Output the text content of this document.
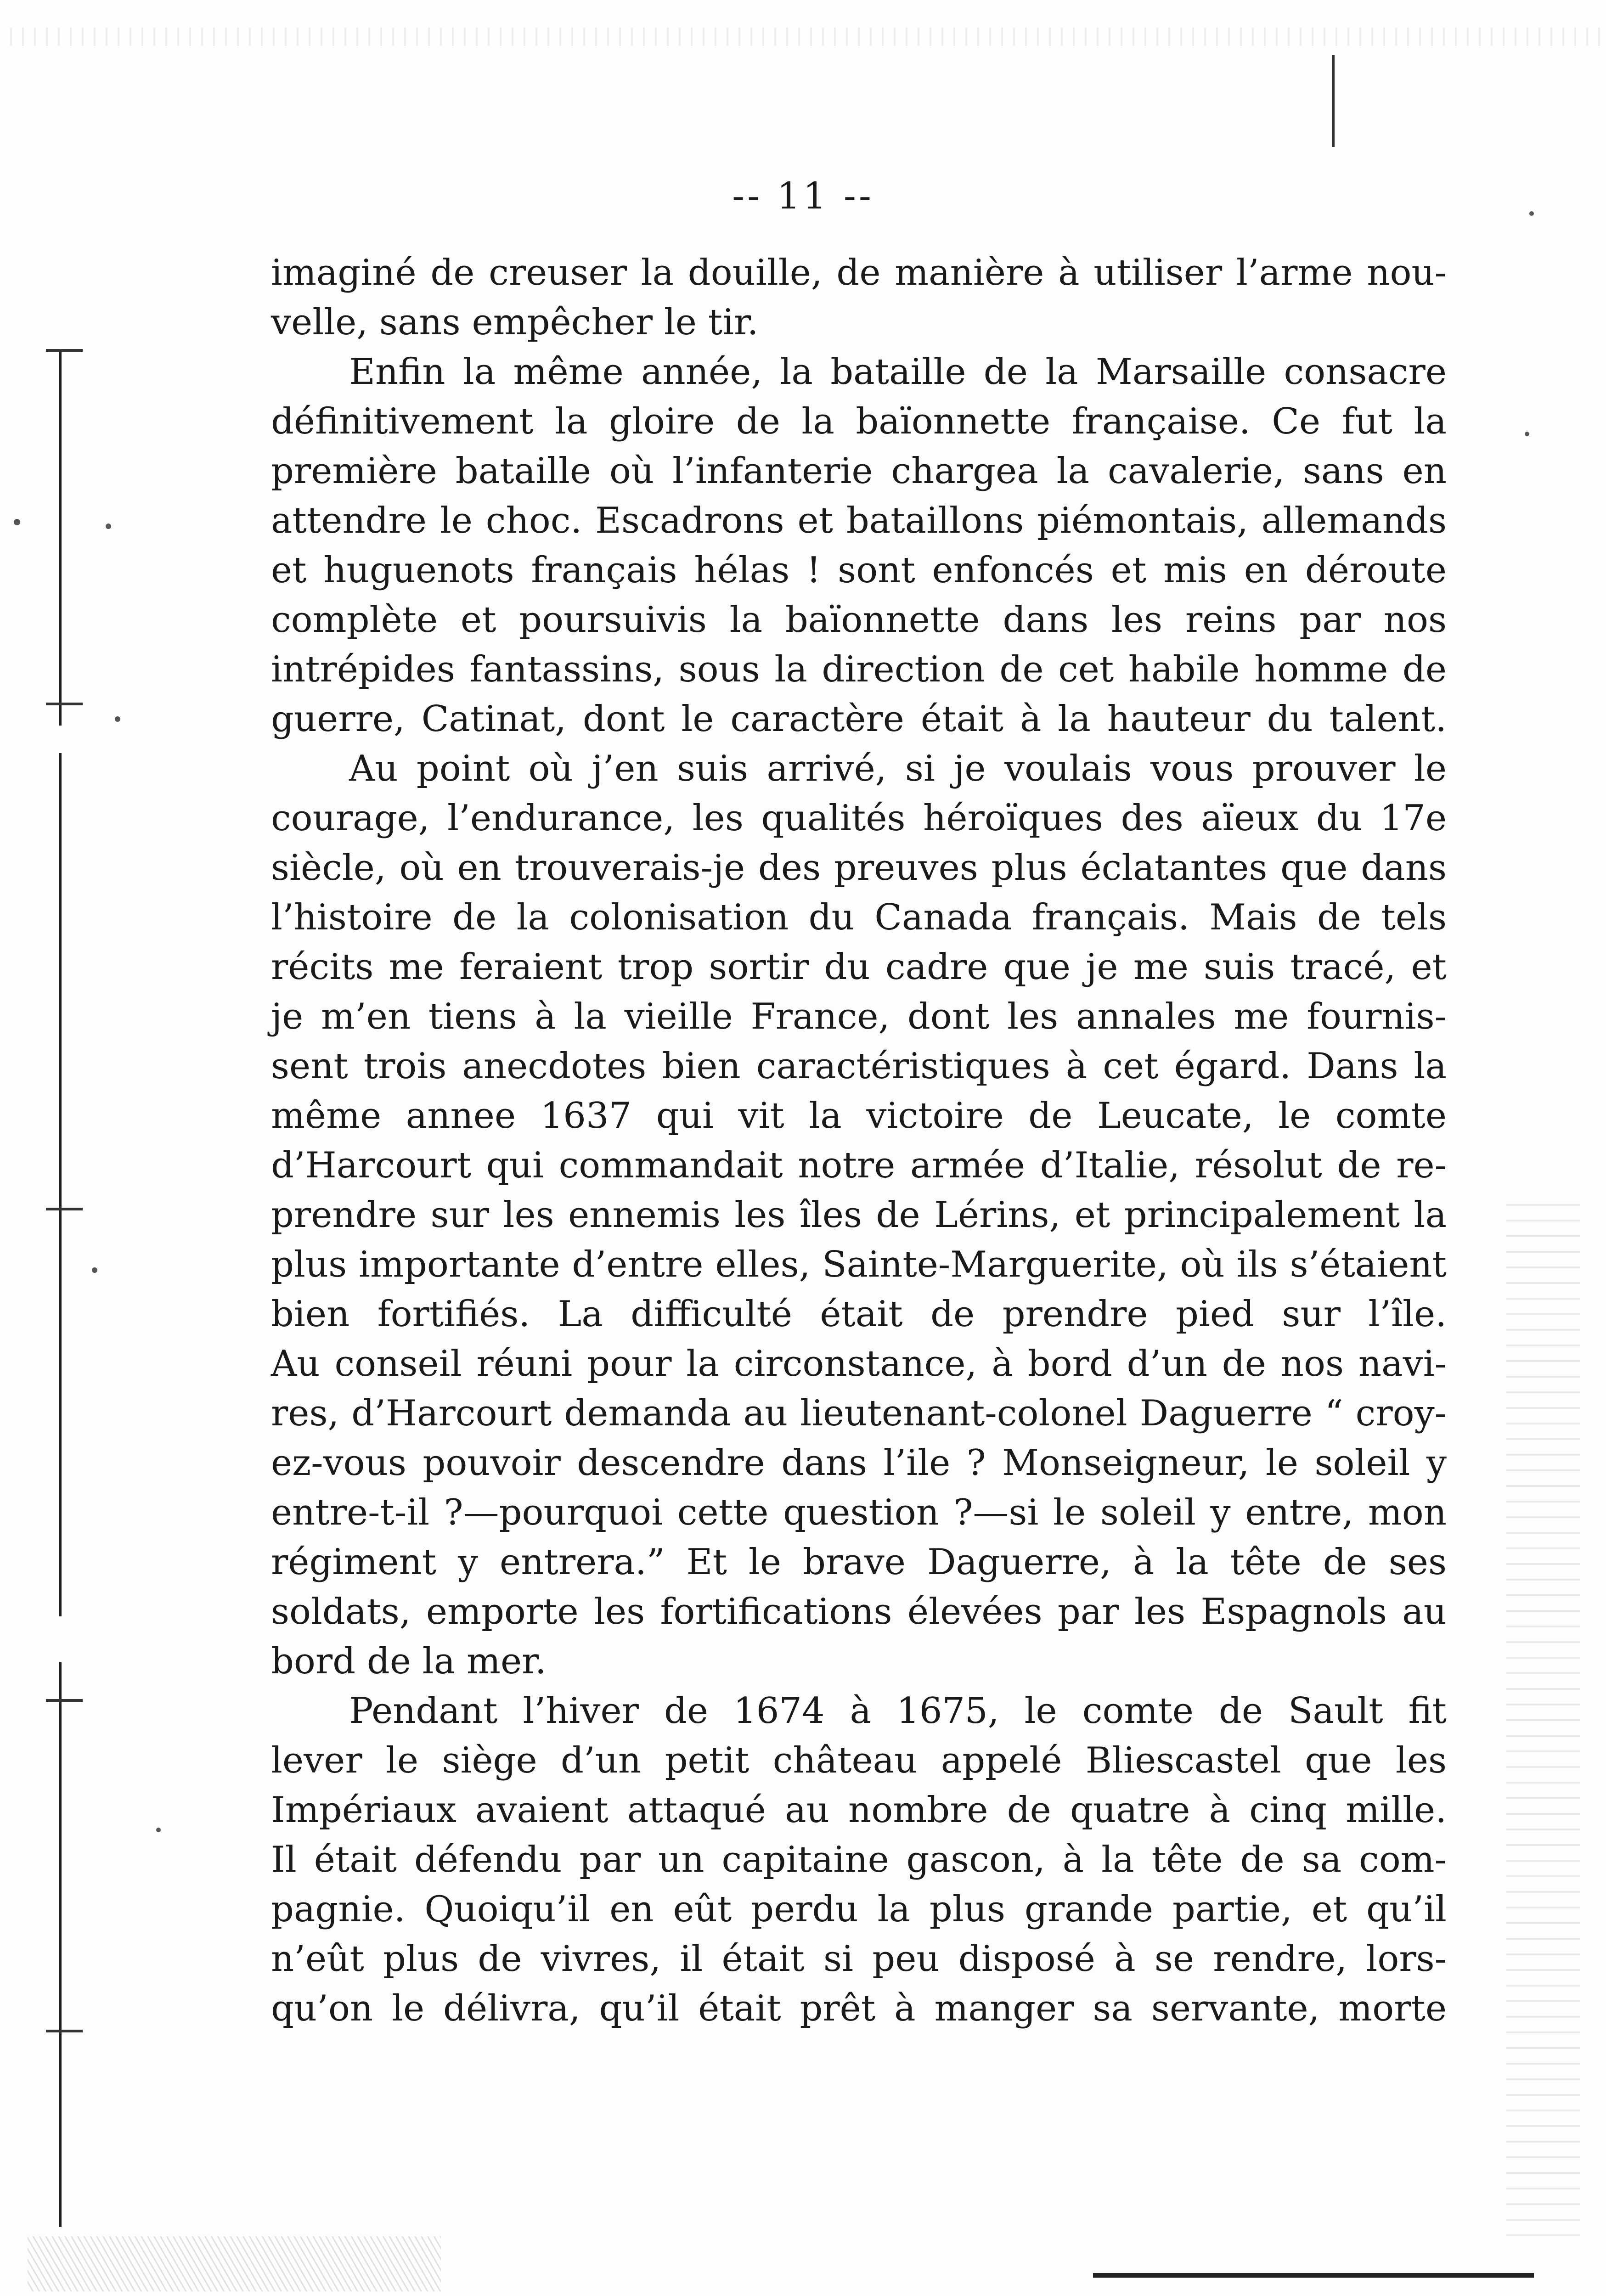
-- 11 --
imaginé de creuser la douille, de manière à utiliser l’arme nou-
velle, sans empêcher le tir.
Enfin la même année, la bataille de la Marsaille consacre
définitivement la gloire de la baïonnette française. Ce fut la
première bataille où l’infanterie chargea la cavalerie, sans en
attendre le choc. Escadrons et bataillons piémontais, allemands
et huguenots français hélas ! sont enfoncés et mis en déroute
complète et poursuivis la baïonnette dans les reins par nos
intrépides fantassins, sous la direction de cet habile homme de
guerre, Catinat, dont le caractère était à la hauteur du talent.
Au point où j’en suis arrivé, si je voulais vous prouver le
courage, l’endurance, les qualités héroïques des aïeux du 17e
siècle, où en trouverais-je des preuves plus éclatantes que dans
l’histoire de la colonisation du Canada français. Mais de tels
récits me feraient trop sortir du cadre que je me suis tracé, et
je m’en tiens à la vieille France, dont les annales me fournis-
sent trois anecdotes bien caractéristiques à cet égard. Dans la
même annee 1637 qui vit la victoire de Leucate, le comte
d’Harcourt qui commandait notre armée d’Italie, résolut de re-
prendre sur les ennemis les îles de Lérins, et principalement la
plus importante d’entre elles, Sainte-Marguerite, où ils s’étaient
bien fortifiés. La difficulté était de prendre pied sur l’île.
Au conseil réuni pour la circonstance, à bord d’un de nos navi-
res, d’Harcourt demanda au lieutenant-colonel Daguerre “ croy-
ez-vous pouvoir descendre dans l’ile ? Monseigneur, le soleil y
entre-t-il ?—pourquoi cette question ?—si le soleil y entre, mon
régiment y entrera.” Et le brave Daguerre, à la tête de ses
soldats, emporte les fortifications élevées par les Espagnols au
bord de la mer.
Pendant l’hiver de 1674 à 1675, le comte de Sault fit
lever le siège d’un petit château appelé Bliescastel que les
Impériaux avaient attaqué au nombre de quatre à cinq mille.
Il était défendu par un capitaine gascon, à la tête de sa com-
pagnie. Quoiqu’il en eût perdu la plus grande partie, et qu’il
n’eût plus de vivres, il était si peu disposé à se rendre, lors-
qu’on le délivra, qu’il était prêt à manger sa servante, morte
